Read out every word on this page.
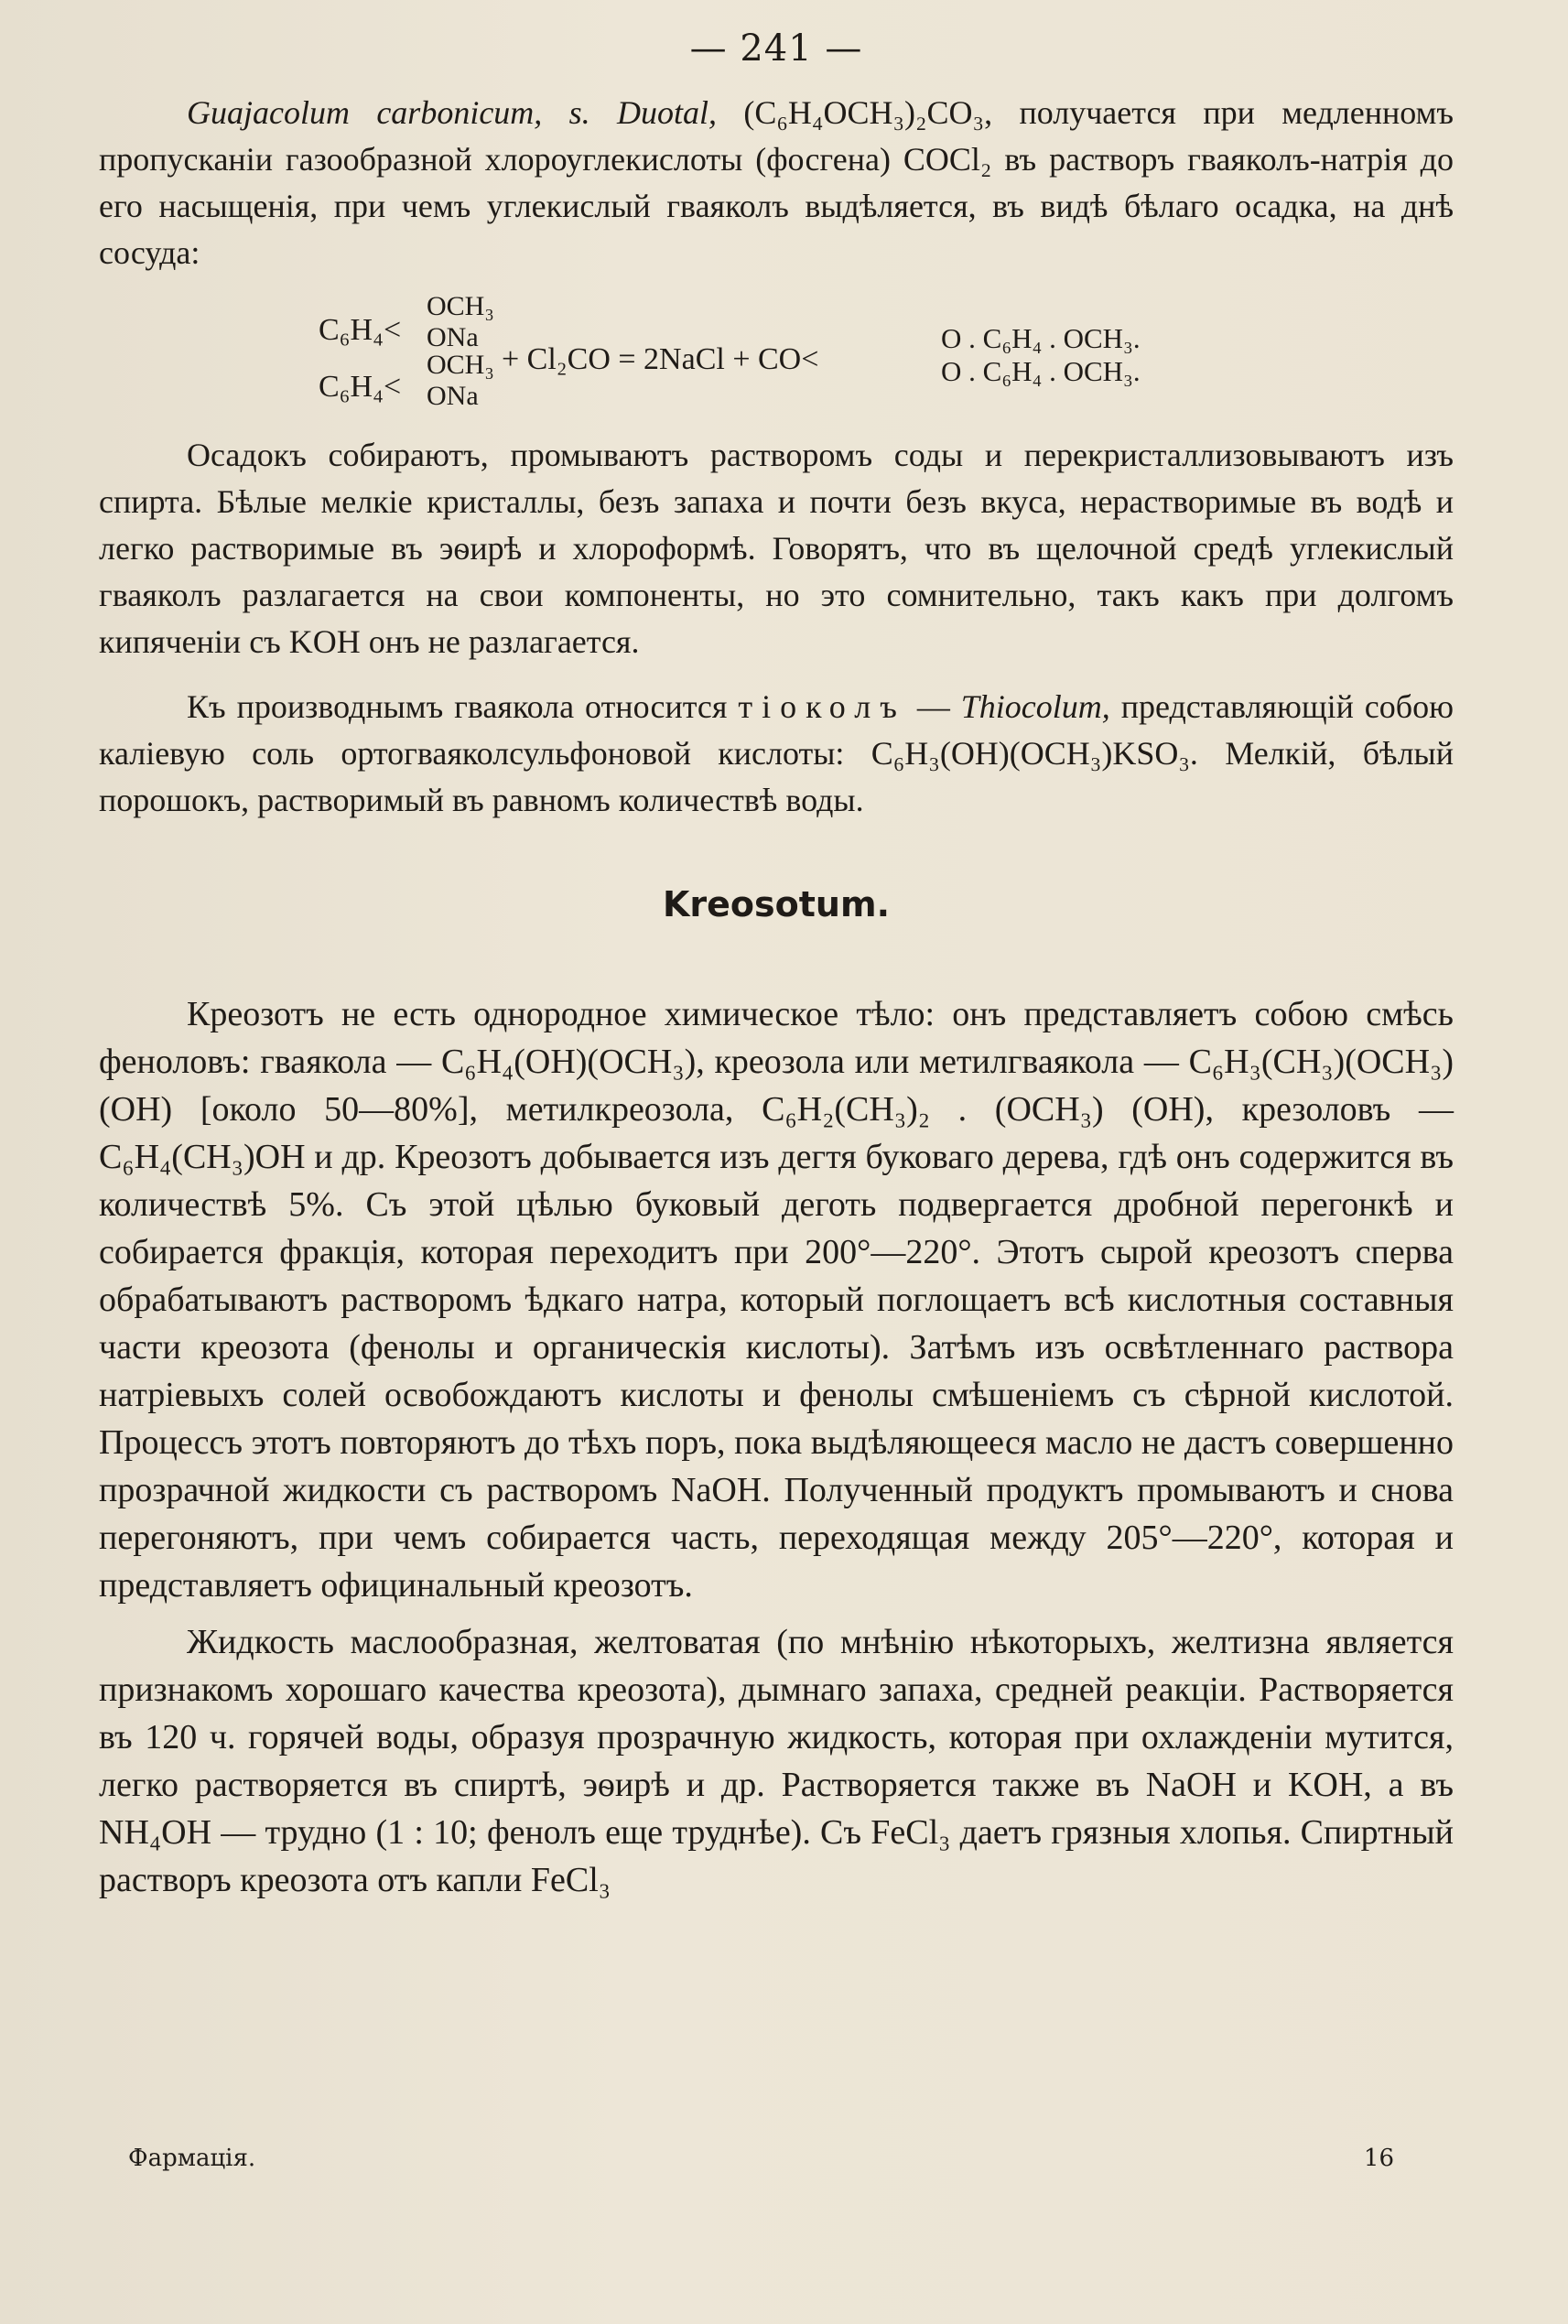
— 241 —

Guajacolum carbonicum, s. Duotal, (C₆H₄OCH₃)₂CO₃, получается при медленномъ пропусканіи газообразной хлороуглекислоты (фосгена) COCl₂ въ растворъ гваяколъ-натрія до его насыщенія, при чемъ углекислый гваяколъ выдѣляется, въ видѣ бѣлаго осадка, на днѣ сосуда:

C₆H₄<
OCH₃
ONa
C₆H₄<
OCH₃
ONa
+ Cl₂CO = 2NaCl + CO<
O . C₆H₄ . OCH₃.
O . C₆H₄ . OCH₃.

Осадокъ собираютъ, промываютъ растворомъ соды и перекристаллизовываютъ изъ спирта. Бѣлые мелкіе кристаллы, безъ запаха и почти безъ вкуса, нерастворимые въ водѣ и легко растворимые въ эѳирѣ и хлороформѣ. Говорятъ, что въ щелочной средѣ углекислый гваяколъ разлагается на свои компоненты, но это сомнительно, такъ какъ при долгомъ кипяченіи съ KOH онъ не разлагается.

Къ производнымъ гваякола относится тіоколъ — Thiocolum, представляющій собою каліевую соль ортогваяколсульфоновой кислоты: C₆H₃(OH)(OCH₃)KSO₃. Мелкій, бѣлый порошокъ, растворимый въ равномъ количествѣ воды.

Kreosotum.

Креозотъ не есть однородное химическое тѣло: онъ представляетъ собою смѣсь феноловъ: гваякола — C₆H₄(OH)(OCH₃), креозола или метилгваякола — C₆H₃(CH₃)(OCH₃)(OH) [около 50—80%], метилкреозола, C₆H₂(CH₃)₂ . (OCH₃) (OH), крезоловъ — C₆H₄(CH₃)OH и др. Креозотъ добывается изъ дегтя буковаго дерева, гдѣ онъ содержится въ количествѣ 5%. Съ этой цѣлью буковый деготь подвергается дробной перегонкѣ и собирается фракція, которая переходитъ при 200°—220°. Этотъ сырой креозотъ сперва обрабатываютъ растворомъ ѣдкаго натра, который поглощаетъ всѣ кислотныя составныя части креозота (фенолы и органическія кислоты). Затѣмъ изъ освѣтленнаго раствора натріевыхъ солей освобождаютъ кислоты и фенолы смѣшеніемъ съ сѣрной кислотой. Процессъ этотъ повторяютъ до тѣхъ поръ, пока выдѣляющееся масло не дастъ совершенно прозрачной жидкости съ растворомъ NaOH. Полученный продуктъ промываютъ и снова перегоняютъ, при чемъ собирается часть, переходящая между 205°—220°, которая и представляетъ официнальный креозотъ.

Жидкость маслообразная, желтоватая (по мнѣнію нѣкоторыхъ, желтизна является признакомъ хорошаго качества креозота), дымнаго запаха, средней реакціи. Растворяется въ 120 ч. горячей воды, образуя прозрачную жидкость, которая при охлажденіи мутится, легко растворяется въ спиртѣ, эѳирѣ и др. Растворяется также въ NaOH и KOH, а въ NH₄OH — трудно (1 : 10; фенолъ еще труднѣе). Съ FeCl₃ даетъ грязныя хлопья. Спиртный растворъ креозота отъ капли FeCl₃

Фармація.	16
